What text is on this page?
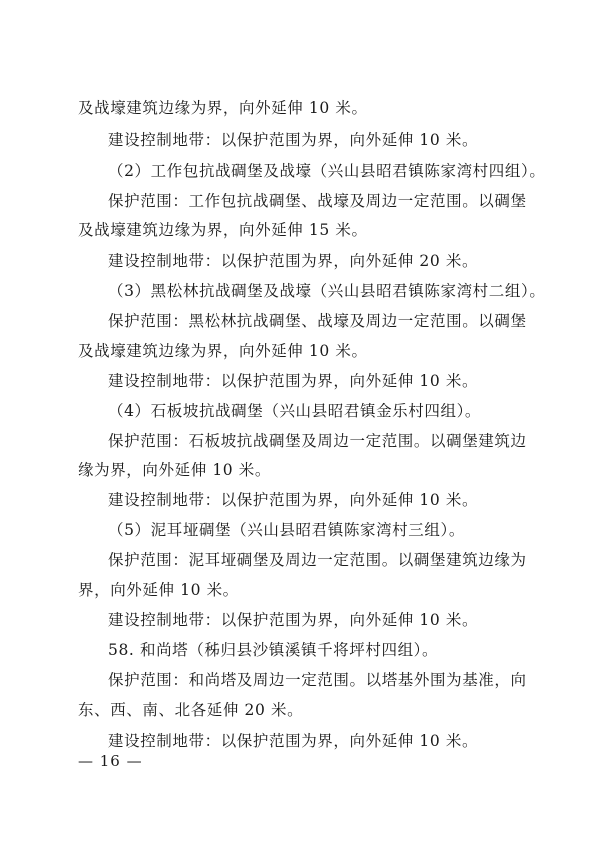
及战壕建筑边缘为界，向外延伸 10 米。
建设控制地带：以保护范围为界，向外延伸 10 米。
（2）工作包抗战碉堡及战壕（兴山县昭君镇陈家湾村四组）。
保护范围：工作包抗战碉堡、战壕及周边一定范围。以碉堡
及战壕建筑边缘为界，向外延伸 15 米。
建设控制地带：以保护范围为界，向外延伸 20 米。
（3）黑松林抗战碉堡及战壕（兴山县昭君镇陈家湾村二组）。
保护范围：黑松林抗战碉堡、战壕及周边一定范围。以碉堡
及战壕建筑边缘为界，向外延伸 10 米。
建设控制地带：以保护范围为界，向外延伸 10 米。
（4）石板坡抗战碉堡（兴山县昭君镇金乐村四组）。
保护范围：石板坡抗战碉堡及周边一定范围。以碉堡建筑边
缘为界，向外延伸 10 米。
建设控制地带：以保护范围为界，向外延伸 10 米。
（5）泥耳垭碉堡（兴山县昭君镇陈家湾村三组）。
保护范围：泥耳垭碉堡及周边一定范围。以碉堡建筑边缘为
界，向外延伸 10 米。
建设控制地带：以保护范围为界，向外延伸 10 米。
58. 和尚塔（秭归县沙镇溪镇千将坪村四组）。
保护范围：和尚塔及周边一定范围。以塔基外围为基准，向
东、西、南、北各延伸 20 米。
建设控制地带：以保护范围为界，向外延伸 10 米。
— 16 —
